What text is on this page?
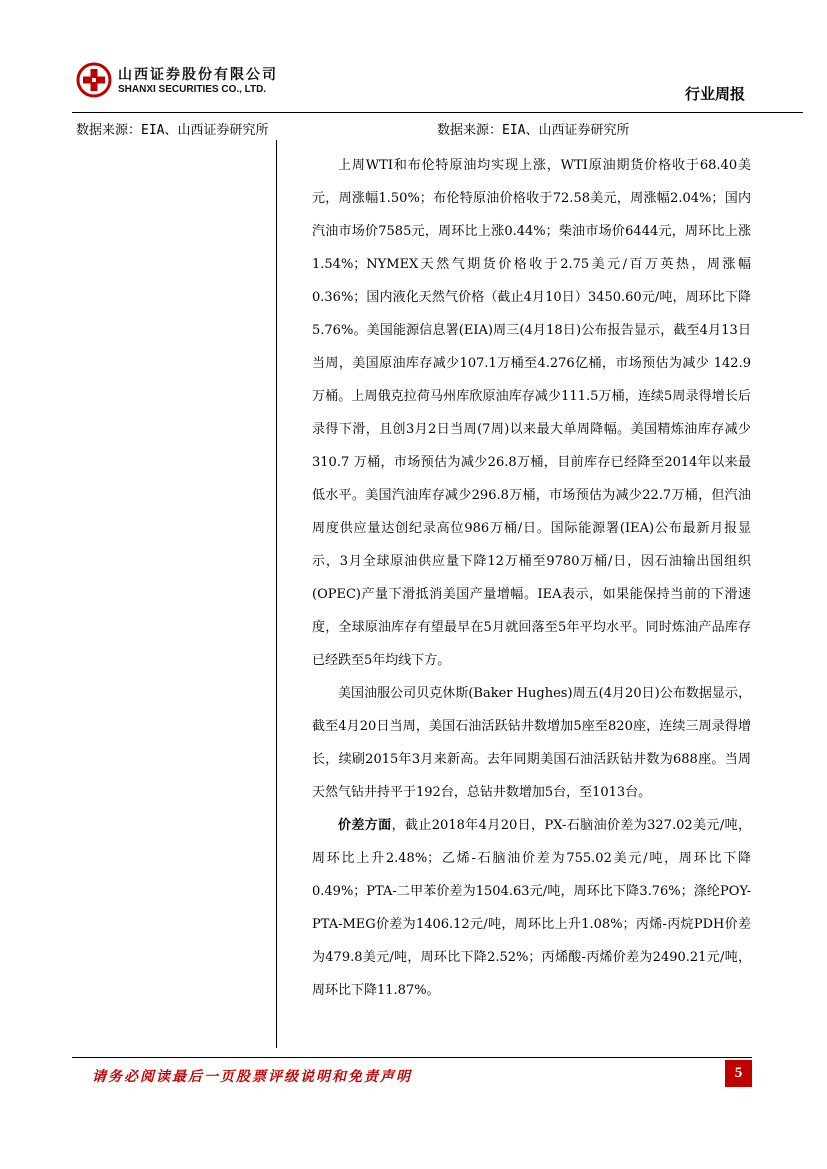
山西证券股份有限公司
SHANXI SECURITIES CO., LTD.	行业周报
数据来源：EIA、山西证券研究所	数据来源：EIA、山西证券研究所

上周WTI和布伦特原油均实现上涨，WTI原油期货价格收于68.40美元，周涨幅1.50%；布伦特原油价格收于72.58美元，周涨幅2.04%；国内汽油市场价7585元，周环比上涨0.44%；柴油市场价6444元，周环比上涨1.54%；NYMEX天然气期货价格收于2.75美元/百万英热，周涨幅0.36%；国内液化天然气价格（截止4月10日）3450.60元/吨，周环比下降5.76%。美国能源信息署(EIA)周三(4月18日)公布报告显示，截至4月13日当周，美国原油库存减少107.1万桶至4.276亿桶，市场预估为减少 142.9 万桶。上周俄克拉荷马州库欣原油库存减少111.5万桶，连续5周录得增长后录得下滑，且创3月2日当周(7周)以来最大单周降幅。美国精炼油库存减少 310.7 万桶，市场预估为减少26.8万桶，目前库存已经降至2014年以来最低水平。美国汽油库存减少296.8万桶，市场预估为减少22.7万桶，但汽油周度供应量达创纪录高位986万桶/日。国际能源署(IEA)公布最新月报显示，3月全球原油供应量下降12万桶至9780万桶/日，因石油输出国组织(OPEC)产量下滑抵消美国产量增幅。IEA表示，如果能保持当前的下滑速度，全球原油库存有望最早在5月就回落至5年平均水平。同时炼油产品库存已经跌至5年均线下方。

美国油服公司贝克休斯(Baker Hughes)周五(4月20日)公布数据显示，截至4月20日当周，美国石油活跃钻井数增加5座至820座，连续三周录得增长，续刷2015年3月来新高。去年同期美国石油活跃钻井数为688座。当周天然气钻井持平于192台，总钻井数增加5台，至1013台。

价差方面，截止2018年4月20日，PX-石脑油价差为327.02美元/吨，周环比上升2.48%；乙烯-石脑油价差为755.02美元/吨，周环比下降0.49%；PTA-二甲苯价差为1504.63元/吨，周环比下降3.76%；涤纶POY-PTA-MEG价差为1406.12元/吨，周环比上升1.08%；丙烯-丙烷PDH价差为479.8美元/吨，周环比下降2.52%；丙烯酸-丙烯价差为2490.21元/吨，周环比下降11.87%。

请务必阅读最后一页股票评级说明和免责声明	5
